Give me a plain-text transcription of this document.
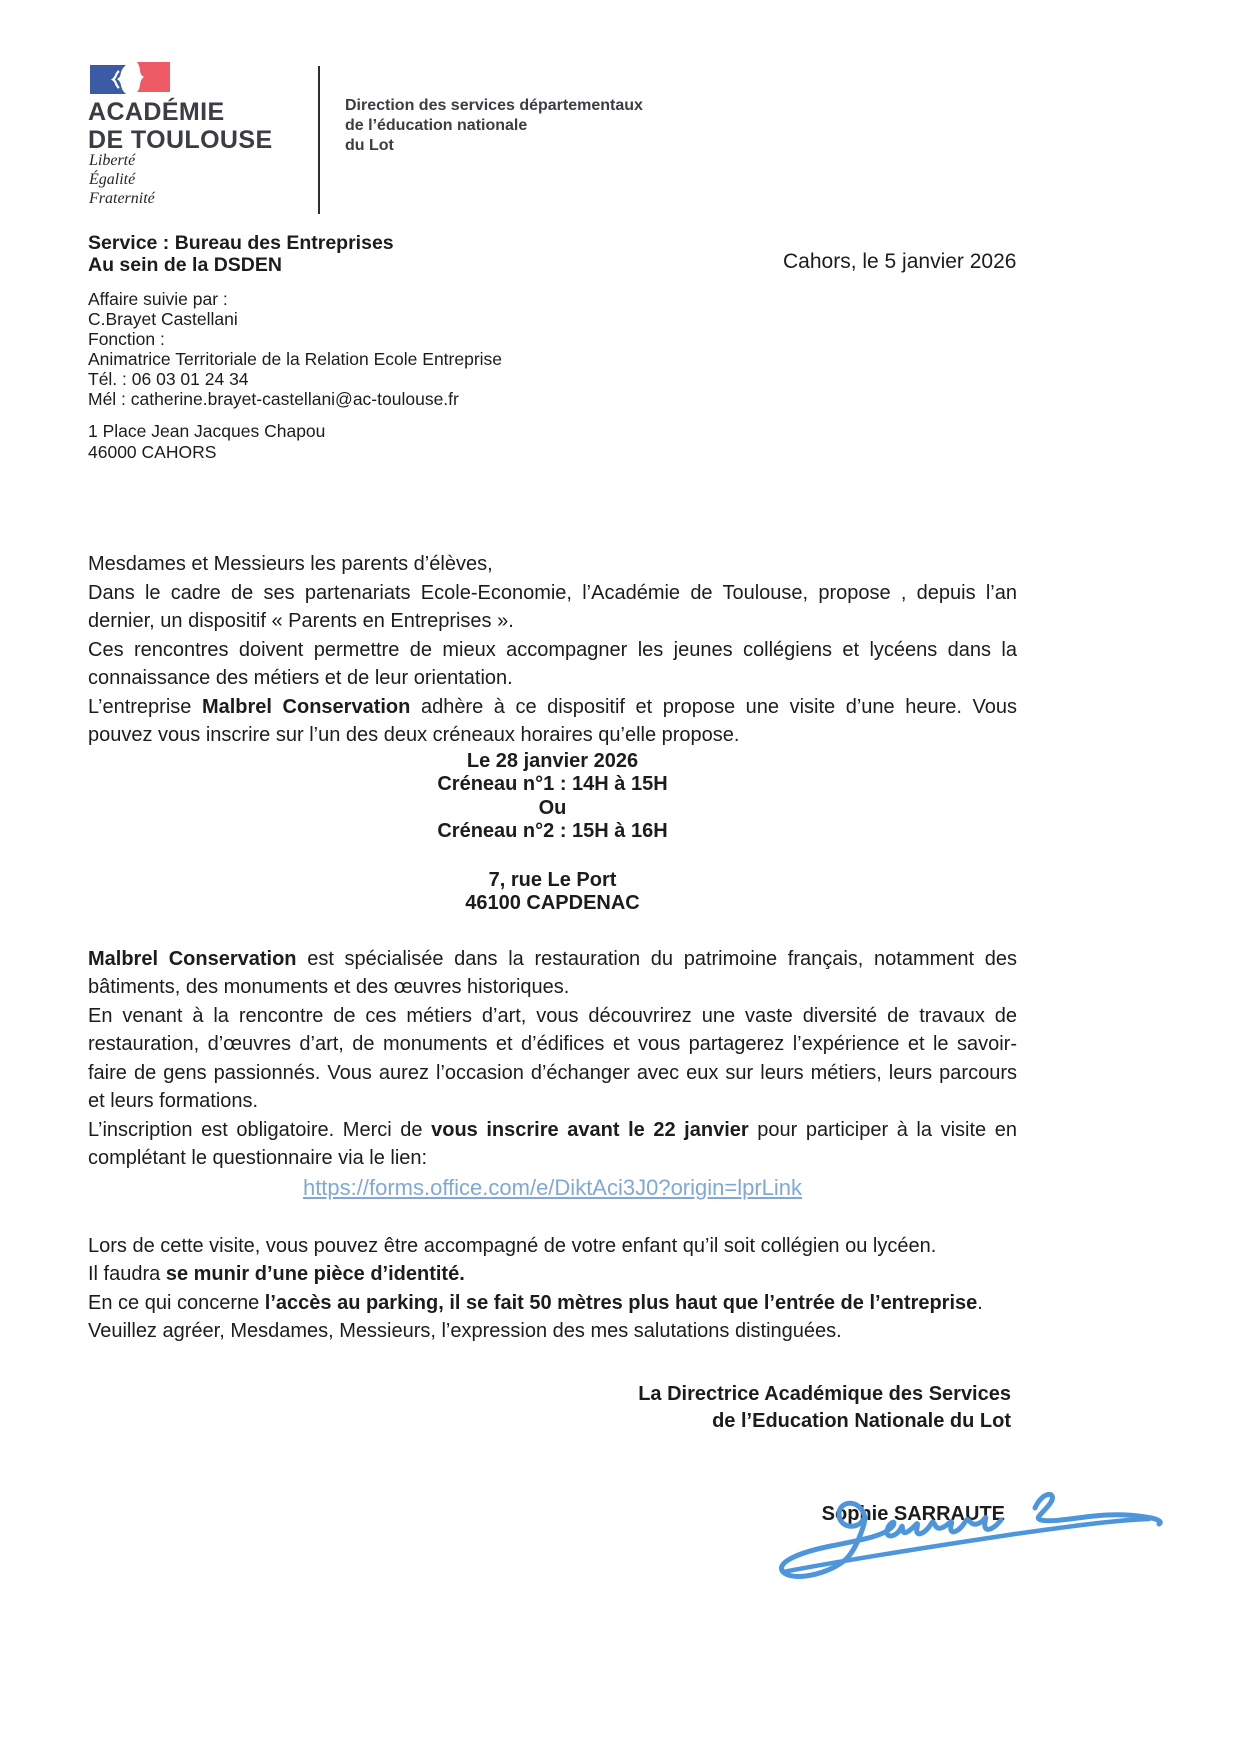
ACADÉMIE
DE TOULOUSE
Liberté
Égalité
Fraternité
Direction des services départementaux
de l’éducation nationale
du Lot
Service : Bureau des Entreprises
Au sein de la DSDEN	Cahors, le 5 janvier 2026
Affaire suivie par :
C.Brayet Castellani
Fonction :
Animatrice Territoriale de la Relation Ecole Entreprise
Tél. : 06 03 01 24 34
Mél : catherine.brayet-castellani@ac-toulouse.fr
1 Place Jean Jacques Chapou
46000 CAHORS

Mesdames et Messieurs les parents d’élèves,

Dans le cadre de ses partenariats Ecole-Economie, l’Académie de Toulouse, propose , depuis l’an dernier, un dispositif « Parents en Entreprises ».

Ces rencontres doivent permettre de mieux accompagner les jeunes collégiens et lycéens dans la connaissance des métiers et de leur orientation.

L’entreprise Malbrel Conservation adhère à ce dispositif et propose une visite d’une heure. Vous pouvez vous inscrire sur l’un des deux créneaux horaires qu’elle propose.

Le 28 janvier 2026
Créneau n°1 : 14H à 15H
Ou
Créneau n°2 : 15H à 16H
7, rue Le Port
46100 CAPDENAC

Malbrel Conservation est spécialisée dans la restauration du patrimoine français, notamment des bâtiments, des monuments et des œuvres historiques.

En venant à la rencontre de ces métiers d’art, vous découvrirez une vaste diversité de travaux de restauration, d’œuvres d’art, de monuments et d’édifices et vous partagerez l’expérience et le savoir-faire de gens passionnés. Vous aurez l’occasion d’échanger avec eux sur leurs métiers, leurs parcours et leurs formations.

L’inscription est obligatoire. Merci de vous inscrire avant le 22 janvier pour participer à la visite en complétant le questionnaire via le lien:

https://forms.office.com/e/DiktAci3J0?origin=lprLink

Lors de cette visite, vous pouvez être accompagné de votre enfant qu’il soit collégien ou lycéen.
Il faudra se munir d’une pièce d’identité.
En ce qui concerne l’accès au parking, il se fait 50 mètres plus haut que l’entrée de l’entreprise.

Veuillez agréer, Mesdames, Messieurs, l’expression des mes salutations distinguées.

La Directrice Académique des Services
de l’Education Nationale du Lot
Sophie SARRAUTE
